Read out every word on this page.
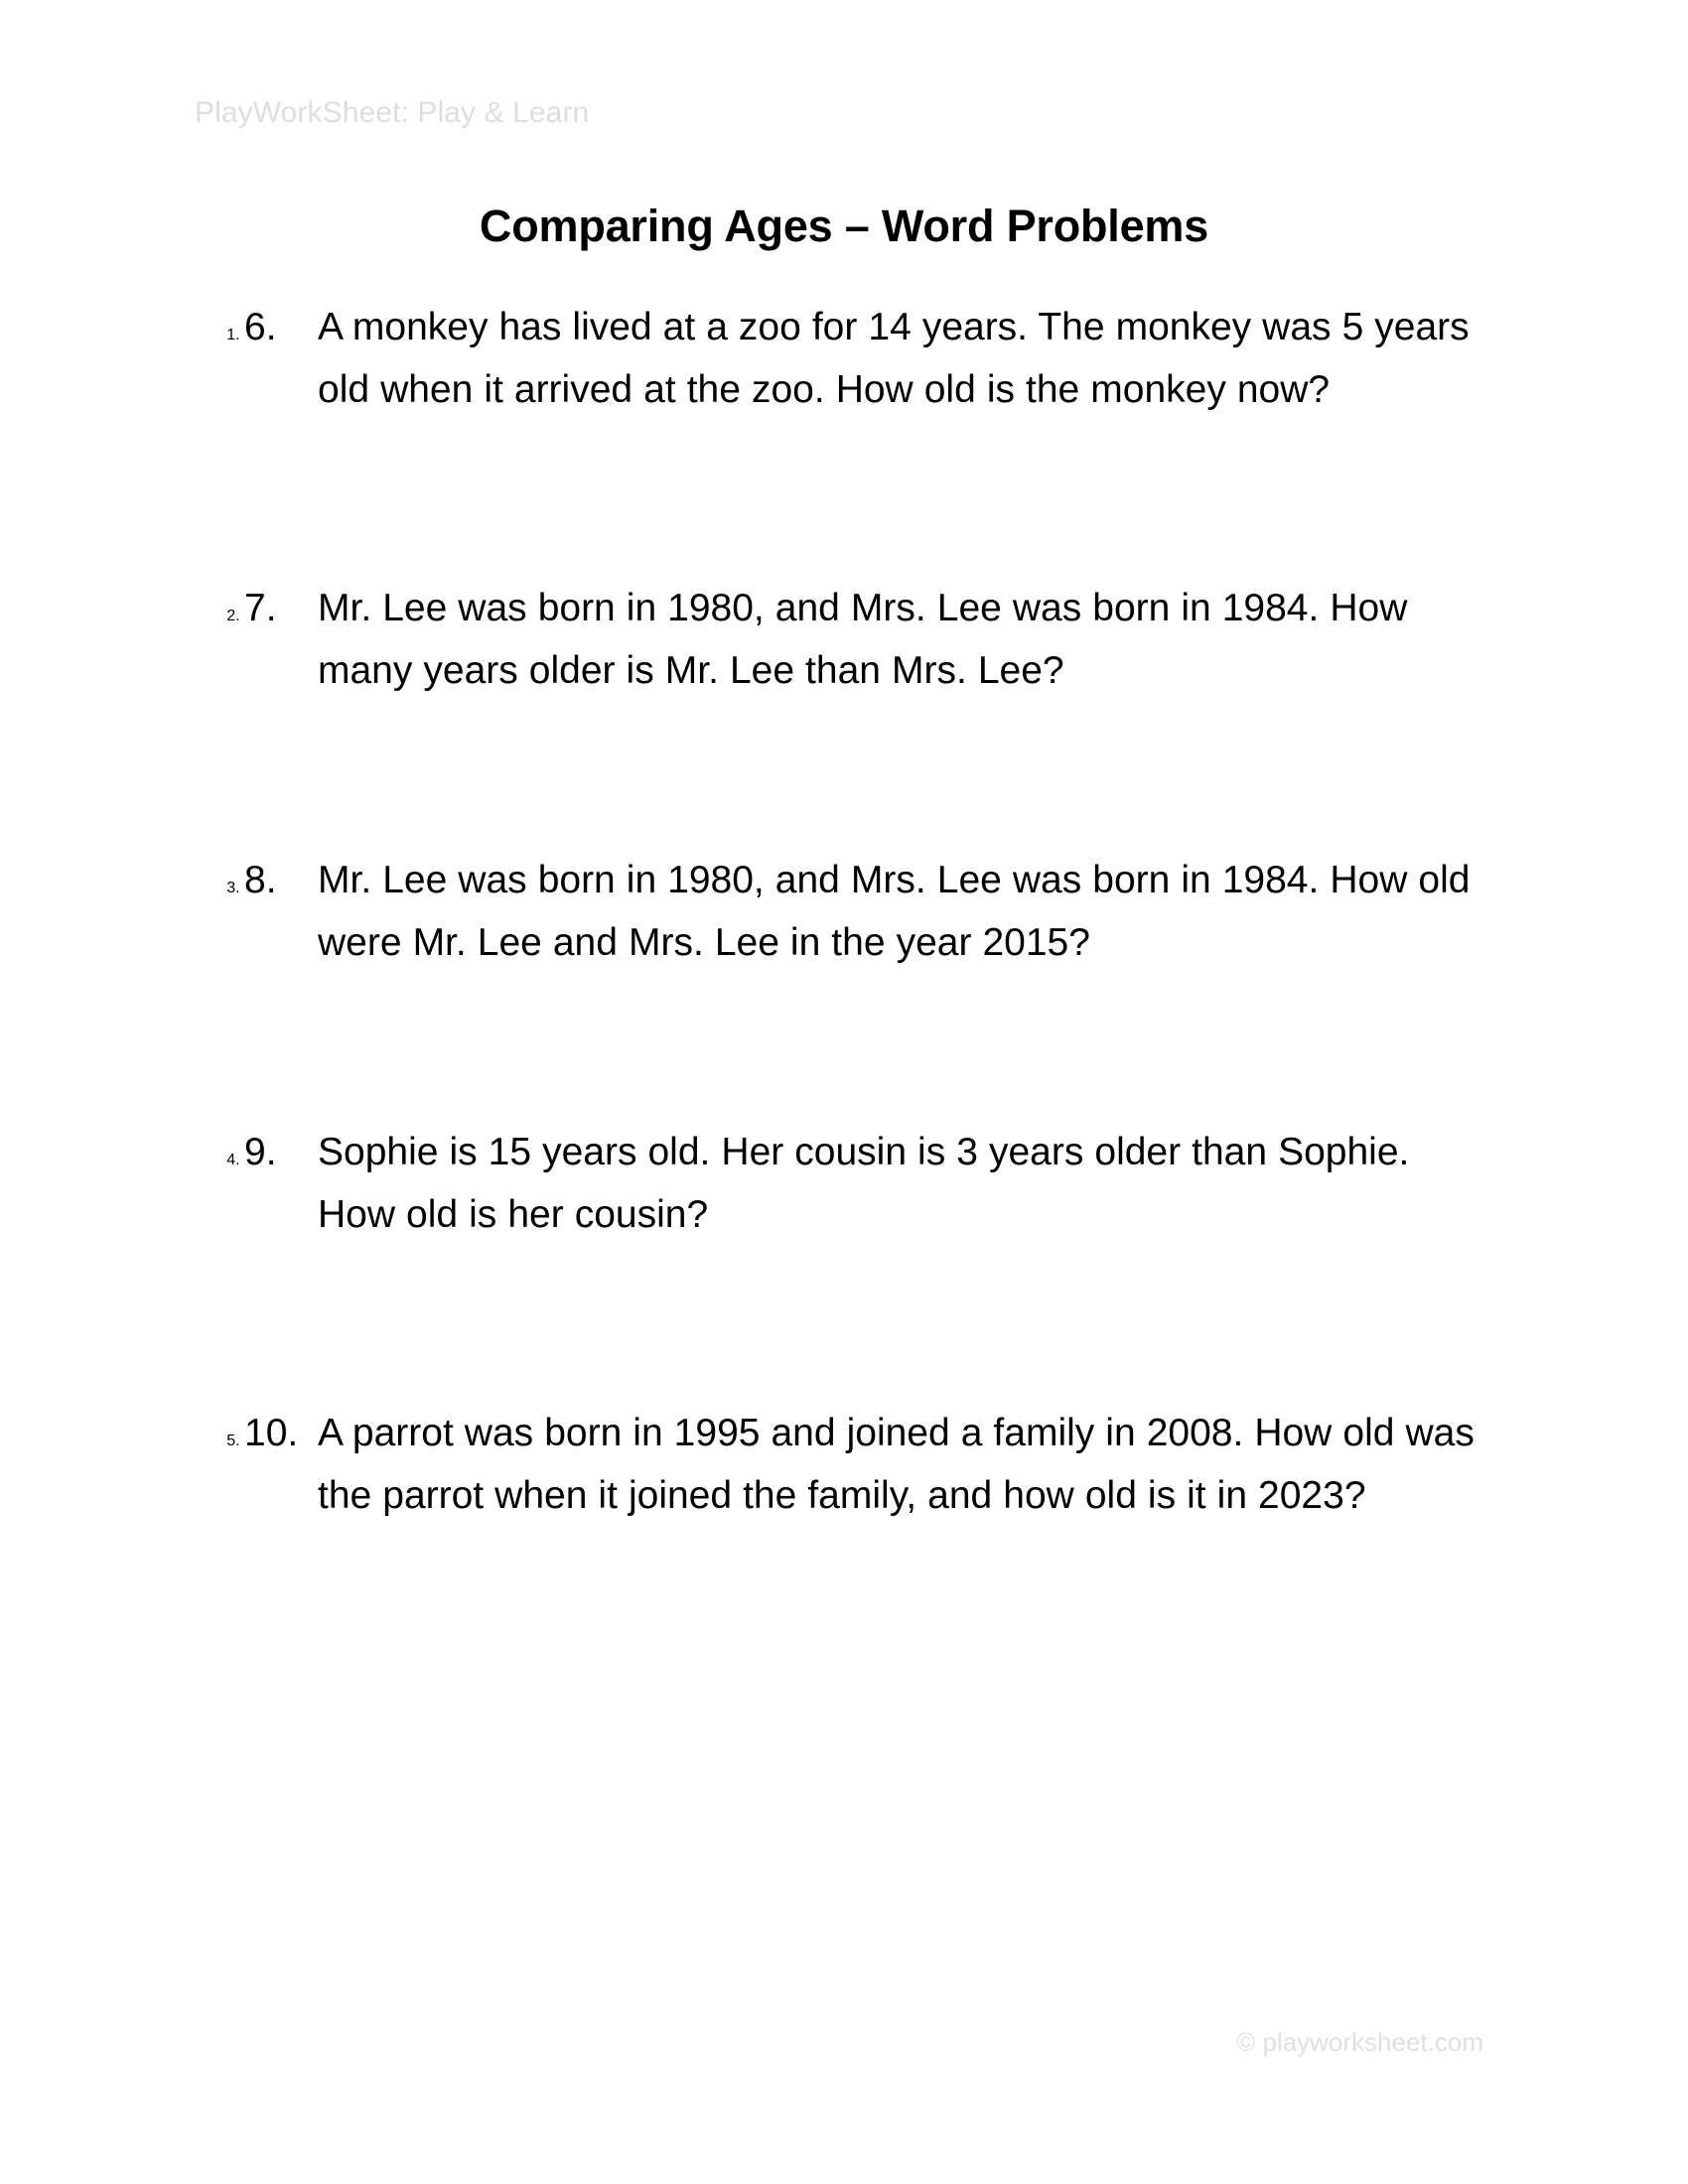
PlayWorkSheet: Play & Learn
Comparing Ages – Word Problems
1. 6.	A monkey has lived at a zoo for 14 years. The monkey was 5 years old when it arrived at the zoo. How old is the monkey now?
2. 7.	Mr. Lee was born in 1980, and Mrs. Lee was born in 1984. How many years older is Mr. Lee than Mrs. Lee?
3. 8.	Mr. Lee was born in 1980, and Mrs. Lee was born in 1984. How old were Mr. Lee and Mrs. Lee in the year 2015?
4. 9.	Sophie is 15 years old. Her cousin is 3 years older than Sophie. How old is her cousin?
5. 10. A parrot was born in 1995 and joined a family in 2008. How old was the parrot when it joined the family, and how old is it in 2023?
© playworksheet.com
